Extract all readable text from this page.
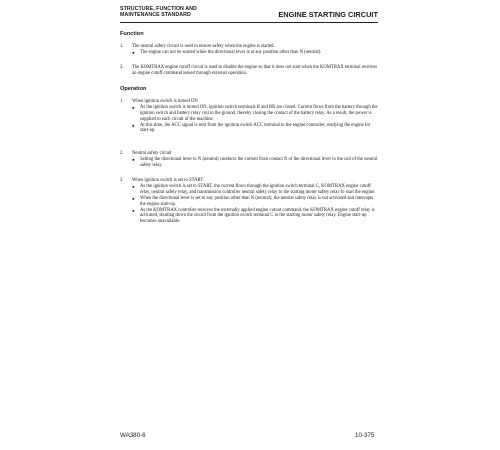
STRUCTURE, FUNCTION AND
MAINTENANCE STANDARD	ENGINE STARTING CIRCUIT
Function
1. The neutral safety circuit is used to ensure safety when the engine is started.
● The engine can not be started while the directional lever is at any position other than N (neutral).
2. The KOMTRAX engine cutoff circuit is used to disable the engine so that it does not start when the KOMTRAX terminal receives an engine cutoff command issued through external operation.
Operation
1. When ignition switch is turned ON
● As the ignition switch is turned ON, ignition switch terminals B and BR are closed. Current flows from the battery through the ignition switch and battery relay coil to the ground, thereby closing the contact of the battery relay. As a result, the power is supplied to each circuit of the machine.
● At this time, the ACC signal is sent from the ignition switch ACC terminal to the engine controller, readying the engine for start-up.
2. Neutral safety circuit
● Setting the directional lever to N (neutral) conducts the current from contact N of the directional lever to the coil of the neutral safety relay.
3. When ignition switch is set to START
● As the ignition switch is set to START, the current flows through the ignition switch terminal C, KOMTRAX engine cutoff relay, neutral safety relay, and transmission controller neutral safety relay to the starting motor safety relay to start the engine.
● When the directional lever is set to any position other than N (neutral), the neutral safety relay is not activated and interrupts the engine start-up.
● As the KOMTRAX controller receives the externally applied engine cutout command, the KOMTRAX engine cutoff relay is activated, shutting down the circuit from the ignition switch terminal C to the starting motor safety relay. Engine start-up becomes unavailable.
WA380-6	10-375
